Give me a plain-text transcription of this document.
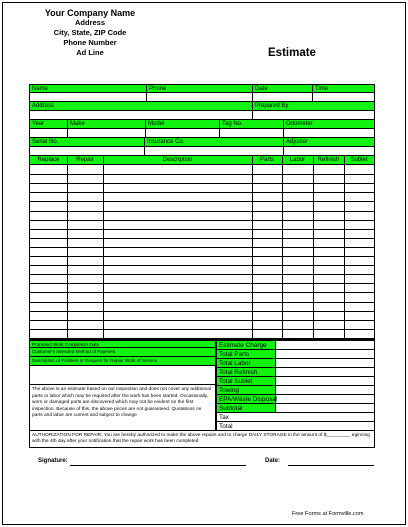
Your Company Name
Address
City, State, ZIP Code
Phone Number
Ad Line	Estimate
Name	Phone	Date	Time
Address	Prepared By
Year	Make	Model	Tag No.	Odometer
Serial No.	Insurance Co.	Adjuster
Replace	Repair	Description	Parts	Labor	Refinish	Sublet
Proposed Work Completion Date
Customer's Intended Method of Payment
Description of Problem or Request for Repair Work of Service
The above is an estimate based on our inspection and does not cover any additional parts or labor which may be required after the work has been started. Occasionally, worn or damaged parts are discovered which may not be evident on the first inspection. Because of this, the above prices are not guaranteed. Quotations on parts and labor are current and subject to change
Estimate Charge
Total Parts
Total Labor
Total Refinish
Total Sublet
Towing
EPA/Waste Disposal
Subtotal
Tax
Total
AUTHORIZATION FOR REPAIR: You are hereby authorized to make the above repairs and to charge DAILY STORAGE in the amount of $_________ eginning with the 4th day after your notification that the repair work has been completed
Signature:	Date:
Free Forms at Formville.com
